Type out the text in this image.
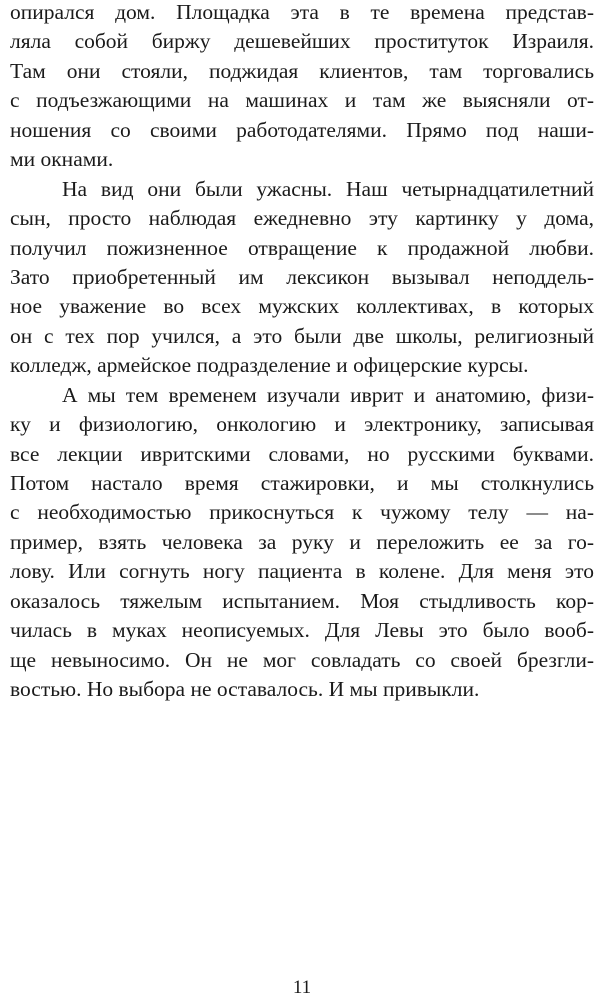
опирался дом. Площадка эта в те времена представ-
ляла собой биржу дешевейших проституток Израиля.
Там они стояли, поджидая клиентов, там торговались
с подъезжающими на машинах и там же выясняли от-
ношения со своими работодателями. Прямо под наши-
ми окнами.
На вид они были ужасны. Наш четырнадцатилетний
сын, просто наблюдая ежедневно эту картинку у дома,
получил пожизненное отвращение к продажной любви.
Зато приобретенный им лексикон вызывал неподдель-
ное уважение во всех мужских коллективах, в которых
он с тех пор учился, а это были две школы, религиозный
колледж, армейское подразделение и офицерские курсы.
А мы тем временем изучали иврит и анатомию, физи-
ку и физиологию, онкологию и электронику, записывая
все лекции ивритскими словами, но русскими буквами.
Потом настало время стажировки, и мы столкнулись
с необходимостью прикоснуться к чужому телу — на-
пример, взять человека за руку и переложить ее за го-
лову. Или согнуть ногу пациента в колене. Для меня это
оказалось тяжелым испытанием. Моя стыдливость кор-
чилась в муках неописуемых. Для Левы это было вооб-
ще невыносимо. Он не мог совладать со своей брезгли-
востью. Но выбора не оставалось. И мы привыкли.
11
